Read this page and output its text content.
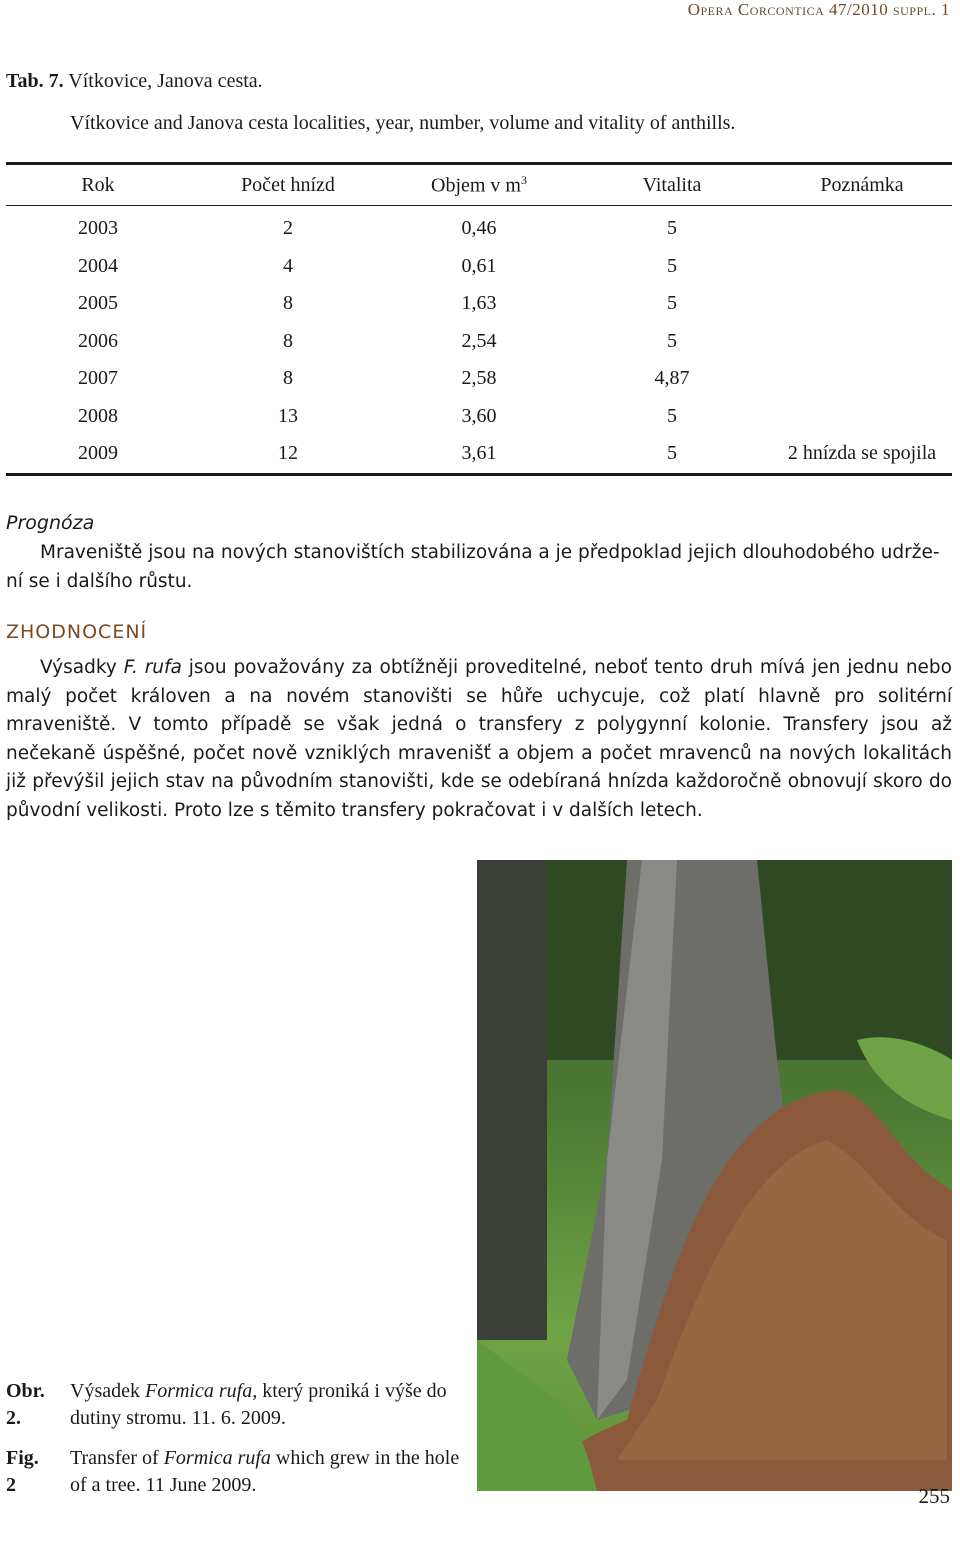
Opera Corcontica 47/2010 suppl. 1
Tab. 7. Vítkovice, Janova cesta.
Vítkovice and Janova cesta localities, year, number, volume and vitality of anthills.
Rok	Počet hnízd	Objem v $m^3$	Vitalita	Poznámka
2003	2	0,46	5	
2004	4	0,61	5	
2005	8	1,63	5	
2006	8	2,54	5	
2007	8	2,58	4,87	
2008	13	3,60	5	
2009	12	3,61	5	2 hnízda se spojila
Prognóza

Mraveniště jsou na nových stanovištích stabilizována a je předpoklad jejich dlouhodobého udrže-
ní se i dalšího růstu.

ZHODNOCENÍ

Výsadky F. rufa jsou považovány za obtížněji proveditelné, neboť tento druh mívá jen jednu nebo malý počet královen a na novém stanovišti se hůře uchycuje, což platí hlavně pro solitérní mraveniště. V tomto případě se však jedná o transfery z polygynní kolonie. Transfery jsou až nečekaně úspěšné, počet nově vzniklých mravenišť a objem a počet mravenců na nových lokalitách již převýšil jejich stav na původním stanovišti, kde se odebíraná hnízda každoročně obnovují skoro do původní velikosti. Proto lze s těmito transfery pokračovat i v dalších letech.

Obr. 2.
Výsadek Formica rufa, který proniká i výše do dutiny stromu. 11. 6. 2009.
Fig. 2
Transfer of Formica rufa which grew in the hole of a tree. 11 June 2009.	255
